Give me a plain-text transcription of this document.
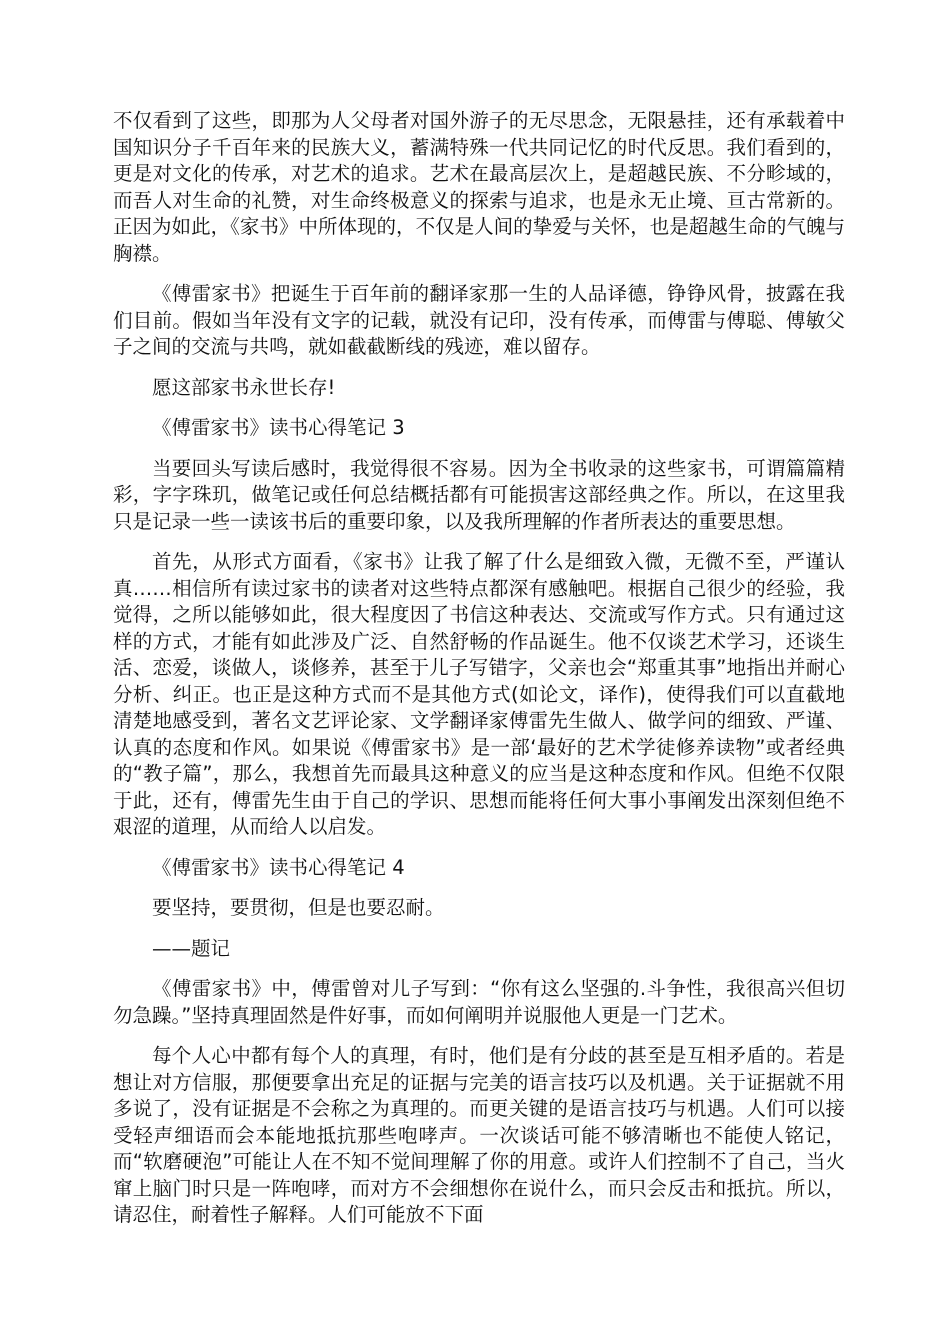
不仅看到了这些，即那为人父母者对国外游子的无尽思念，无限悬挂，还有承载着中国知识分子千百年来的民族大义，蓄满特殊一代共同记忆的时代反思。我们看到的，更是对文化的传承，对艺术的追求。艺术在最高层次上，是超越民族、不分畛域的，而吾人对生命的礼赞，对生命终极意义的探索与追求，也是永无止境、亘古常新的。正因为如此，《家书》中所体现的，不仅是人间的挚爱与关怀，也是超越生命的气魄与胸襟。

《傅雷家书》把诞生于百年前的翻译家那一生的人品译德，铮铮风骨，披露在我们目前。假如当年没有文字的记载，就没有记印，没有传承，而傅雷与傅聪、傅敏父子之间的交流与共鸣，就如截截断线的残迹，难以留存。

愿这部家书永世长存!

《傅雷家书》读书心得笔记 3

当要回头写读后感时，我觉得很不容易。因为全书收录的这些家书，可谓篇篇精彩，字字珠玑，做笔记或任何总结概括都有可能损害这部经典之作。所以，在这里我只是记录一些一读该书后的重要印象，以及我所理解的作者所表达的重要思想。

首先，从形式方面看，《家书》让我了解了什么是细致入微，无微不至，严谨认真……相信所有读过家书的读者对这些特点都深有感触吧。根据自己很少的经验，我觉得，之所以能够如此，很大程度因了书信这种表达、交流或写作方式。只有通过这样的方式，才能有如此涉及广泛、自然舒畅的作品诞生。他不仅谈艺术学习，还谈生活、恋爱，谈做人，谈修养，甚至于儿子写错字，父亲也会“郑重其事”地指出并耐心分析、纠正。也正是这种方式而不是其他方式(如论文，译作)，使得我们可以直截地清楚地感受到，著名文艺评论家、文学翻译家傅雷先生做人、做学问的细致、严谨、认真的态度和作风。如果说《傅雷家书》是一部‘最好的艺术学徒修养读物”或者经典的“教子篇”，那么，我想首先而最具这种意义的应当是这种态度和作风。但绝不仅限于此，还有，傅雷先生由于自己的学识、思想而能将任何大事小事阐发出深刻但绝不艰涩的道理，从而给人以启发。

《傅雷家书》读书心得笔记 4

要坚持，要贯彻，但是也要忍耐。

——题记

《傅雷家书》中，傅雷曾对儿子写到：“你有这么坚强的.斗争性，我很高兴但切勿急躁。”坚持真理固然是件好事，而如何阐明并说服他人更是一门艺术。

每个人心中都有每个人的真理，有时，他们是有分歧的甚至是互相矛盾的。若是想让对方信服，那便要拿出充足的证据与完美的语言技巧以及机遇。关于证据就不用多说了，没有证据是不会称之为真理的。而更关键的是语言技巧与机遇。人们可以接受轻声细语而会本能地抵抗那些咆哮声。一次谈话可能不够清晰也不能使人铭记，而“软磨硬泡”可能让人在不知不觉间理解了你的用意。或许人们控制不了自己，当火窜上脑门时只是一阵咆哮，而对方不会细想你在说什么，而只会反击和抵抗。所以，请忍住，耐着性子解释。人们可能放不下面
